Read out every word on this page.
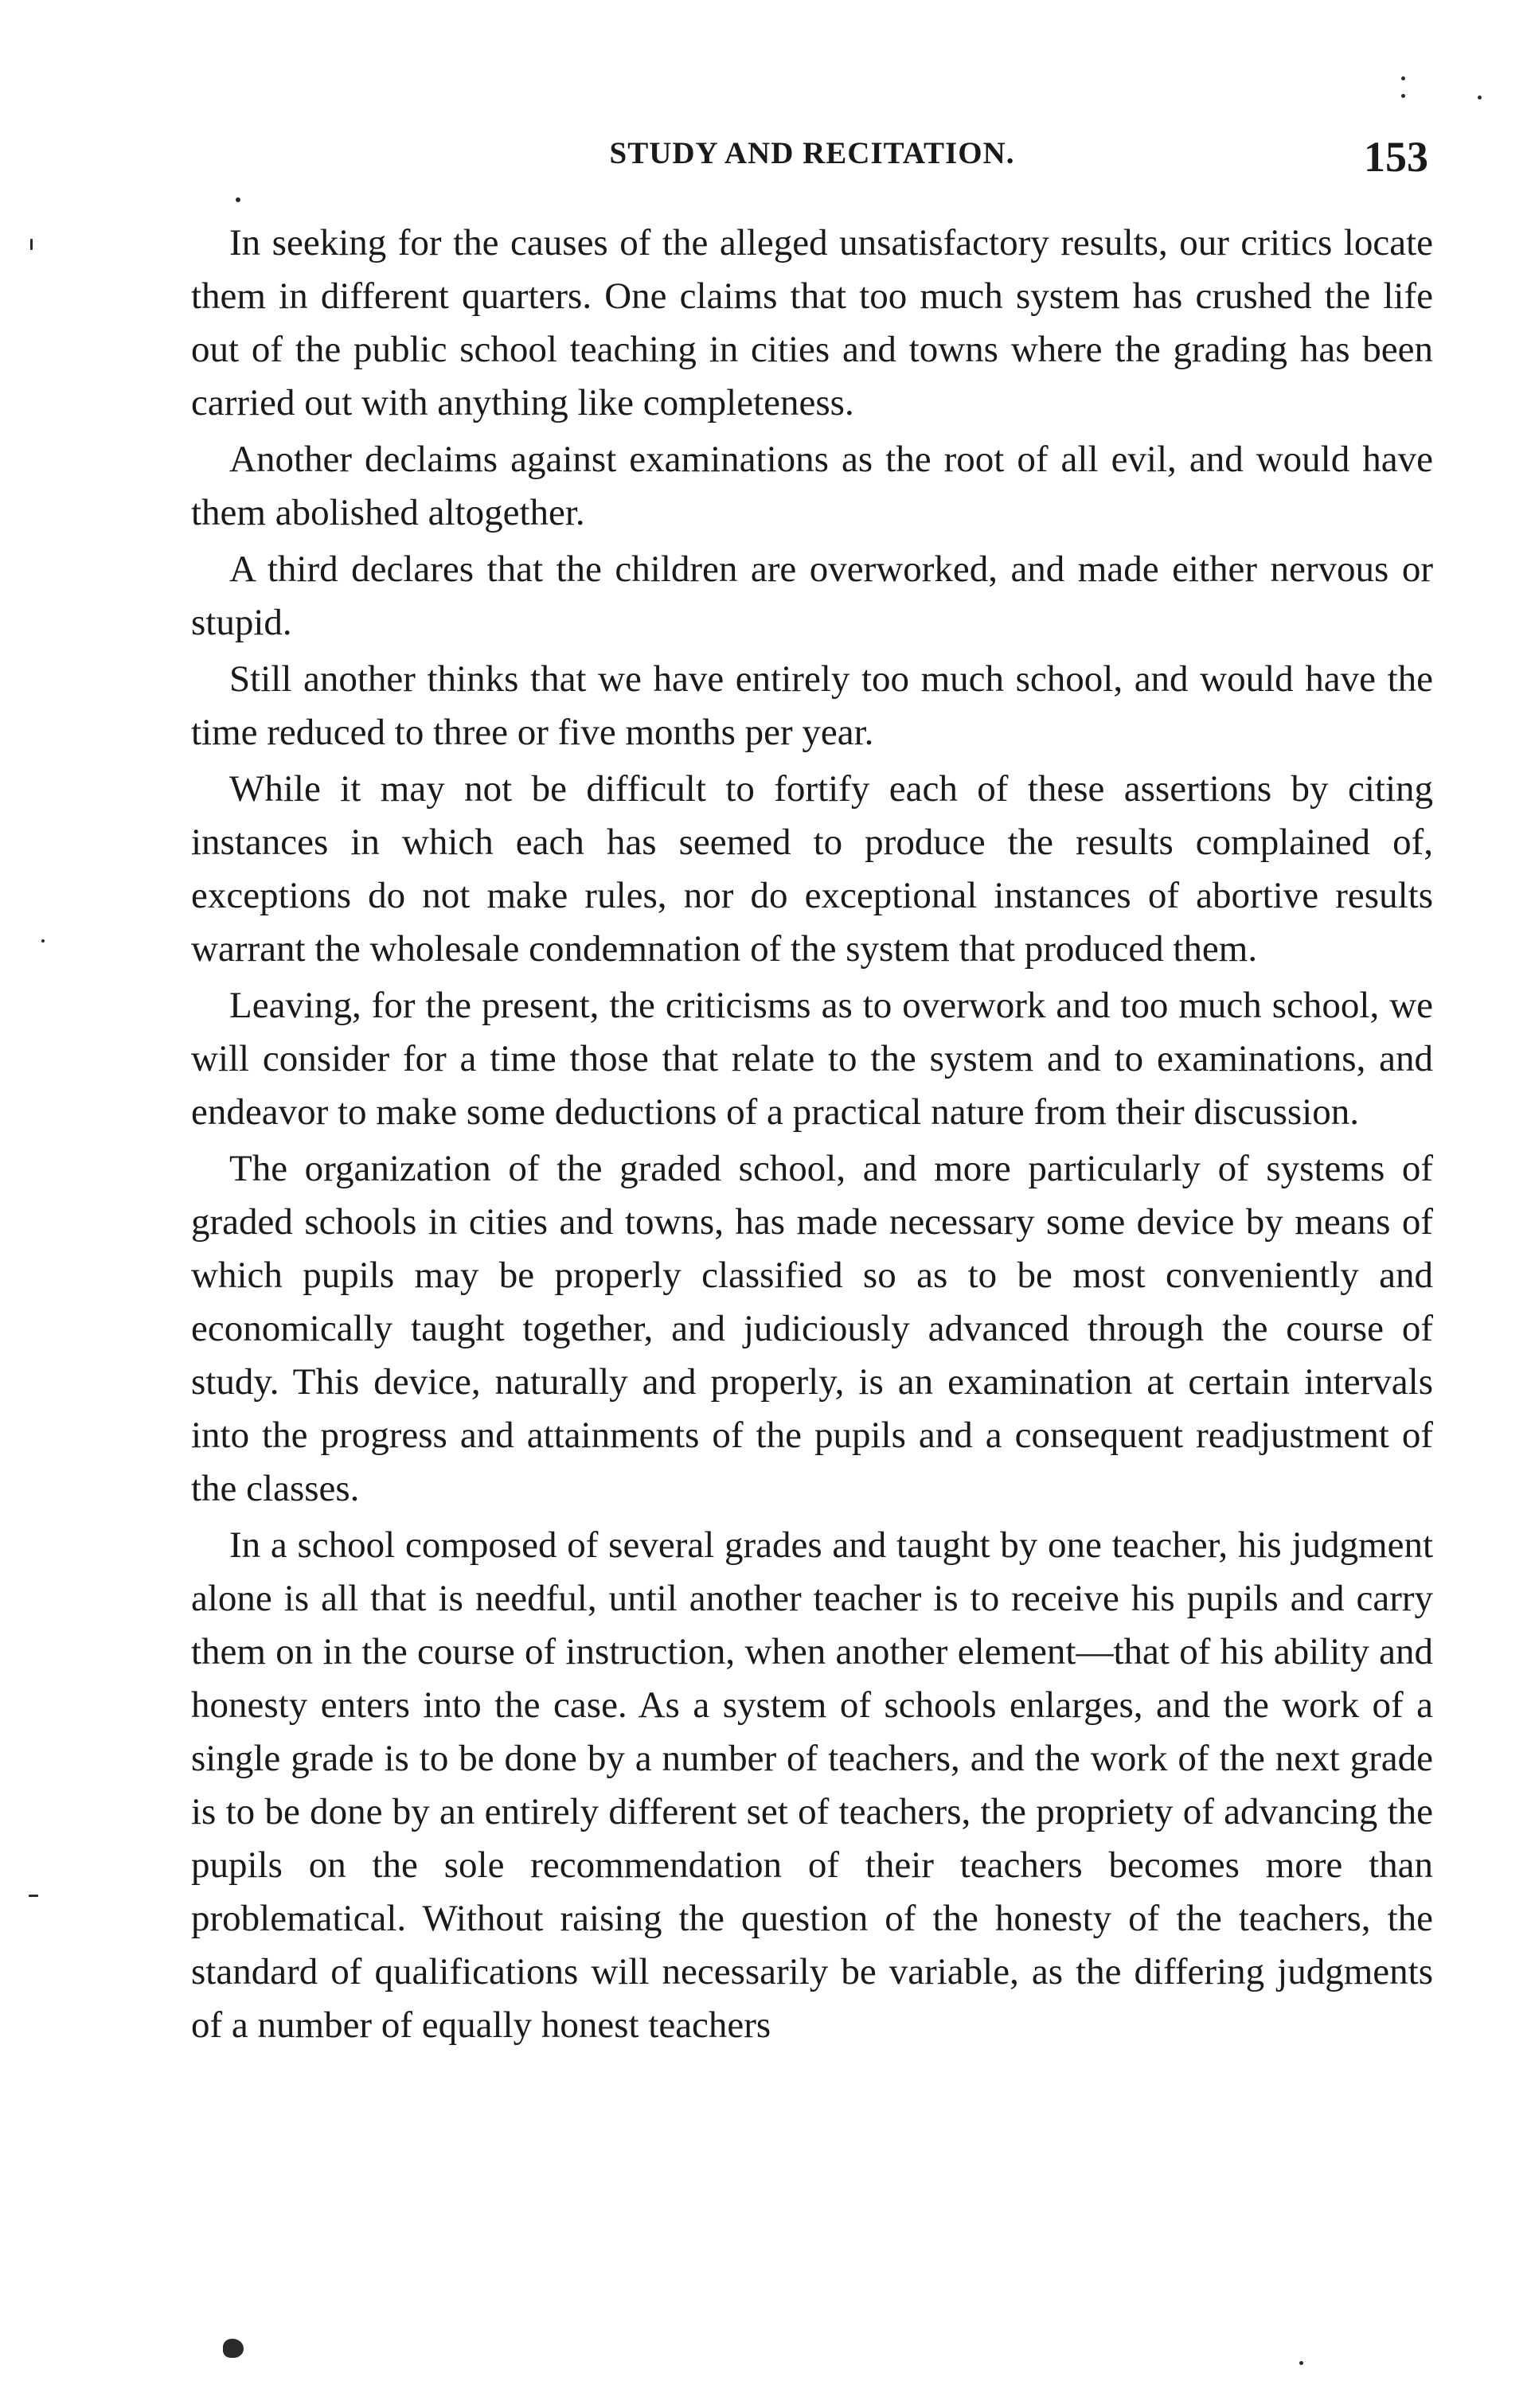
STUDY AND RECITATION.	153

In seeking for the causes of the alleged unsatisfactory results, our critics locate them in different quarters. One claims that too much system has crushed the life out of the public school teaching in cities and towns where the grading has been carried out with anything like completeness.

Another declaims against examinations as the root of all evil, and would have them abolished altogether.

A third declares that the children are overworked, and made either nervous or stupid.

Still another thinks that we have entirely too much school, and would have the time reduced to three or five months per year.

While it may not be difficult to fortify each of these assertions by citing instances in which each has seemed to produce the results complained of, exceptions do not make rules, nor do exceptional instances of abortive results warrant the wholesale condemnation of the system that produced them.

Leaving, for the present, the criticisms as to overwork and too much school, we will consider for a time those that relate to the system and to examinations, and endeavor to make some deductions of a practical nature from their discussion.

The organization of the graded school, and more particularly of systems of graded schools in cities and towns, has made necessary some device by means of which pupils may be properly classified so as to be most conveniently and economically taught together, and judiciously advanced through the course of study. This device, naturally and properly, is an examination at certain intervals into the progress and attainments of the pupils and a consequent readjustment of the classes.

In a school composed of several grades and taught by one teacher, his judgment alone is all that is needful, until another teacher is to receive his pupils and carry them on in the course of instruction, when another element—that of his ability and honesty enters into the case. As a system of schools enlarges, and the work of a single grade is to be done by a number of teachers, and the work of the next grade is to be done by an entirely different set of teachers, the propriety of advancing the pupils on the sole recommendation of their teachers becomes more than problematical. Without raising the question of the honesty of the teachers, the standard of qualifications will necessarily be variable, as the differing judgments of a number of equally honest teachers
